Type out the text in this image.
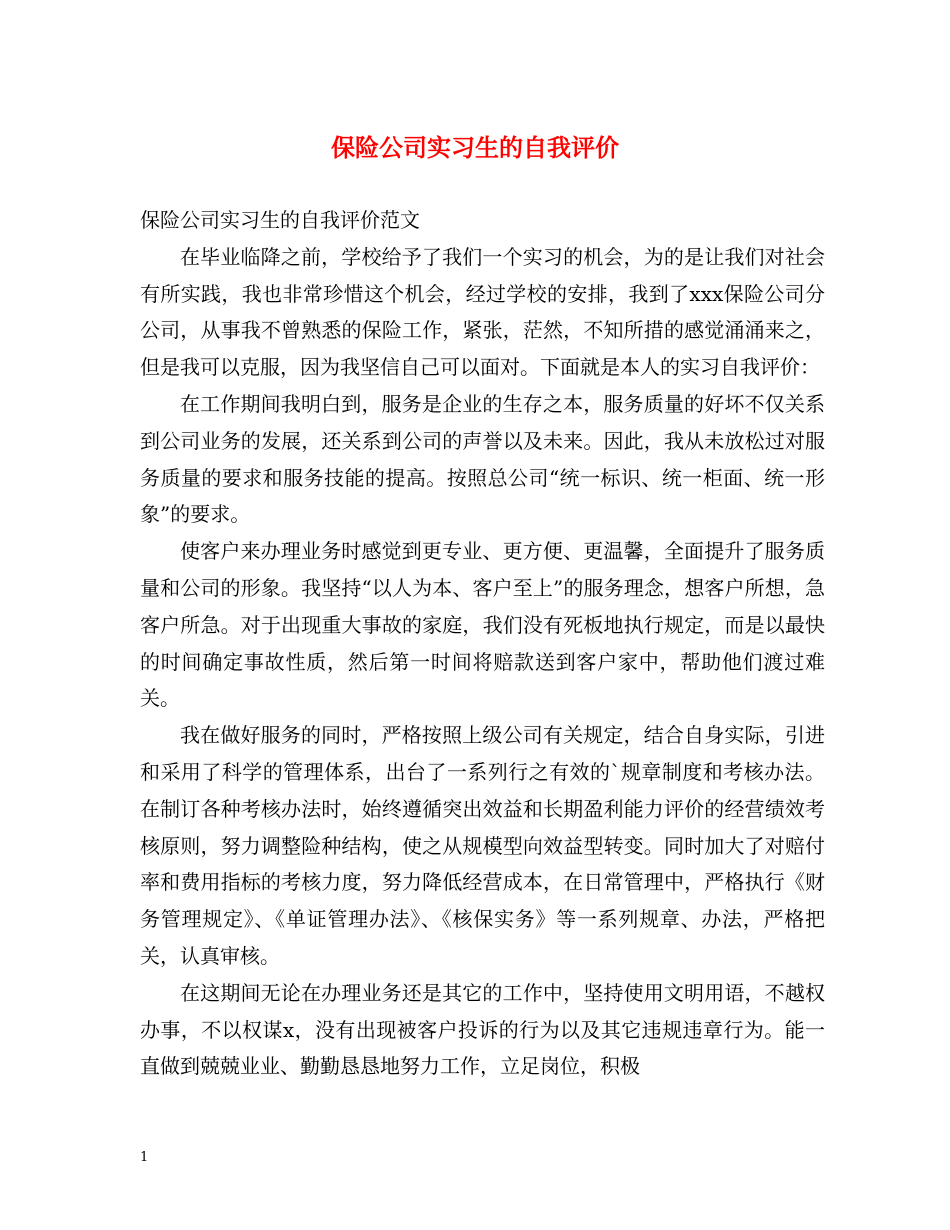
保险公司实习生的自我评价

保险公司实习生的自我评价范文

在毕业临降之前，学校给予了我们一个实习的机会，为的是让我们对社会有所实践，我也非常珍惜这个机会，经过学校的安排，我到了xxx保险公司分公司，从事我不曾熟悉的保险工作，紧张，茫然，不知所措的感觉涌涌来之，但是我可以克服，因为我坚信自己可以面对。下面就是本人的实习自我评价：

在工作期间我明白到，服务是企业的生存之本，服务质量的好坏不仅关系到公司业务的发展，还关系到公司的声誉以及未来。因此，我从未放松过对服务质量的要求和服务技能的提高。按照总公司“统一标识、统一柜面、统一形象”的要求。

使客户来办理业务时感觉到更专业、更方便、更温馨，全面提升了服务质量和公司的形象。我坚持“以人为本、客户至上”的服务理念，想客户所想，急客户所急。对于出现重大事故的家庭，我们没有死板地执行规定，而是以最快的时间确定事故性质，然后第一时间将赔款送到客户家中，帮助他们渡过难关。

我在做好服务的同时，严格按照上级公司有关规定，结合自身实际，引进和采用了科学的管理体系，出台了一系列行之有效的`规章制度和考核办法。在制订各种考核办法时，始终遵循突出效益和长期盈利能力评价的经营绩效考核原则，努力调整险种结构，使之从规模型向效益型转变。同时加大了对赔付率和费用指标的考核力度，努力降低经营成本，在日常管理中，严格执行《财务管理规定》、《单证管理办法》、《核保实务》等一系列规章、办法，严格把关，认真审核。

在这期间无论在办理业务还是其它的工作中，坚持使用文明用语，不越权办事，不以权谋x，没有出现被客户投诉的行为以及其它违规违章行为。能一直做到兢兢业业、勤勤恳恳地努力工作，立足岗位，积极

1
